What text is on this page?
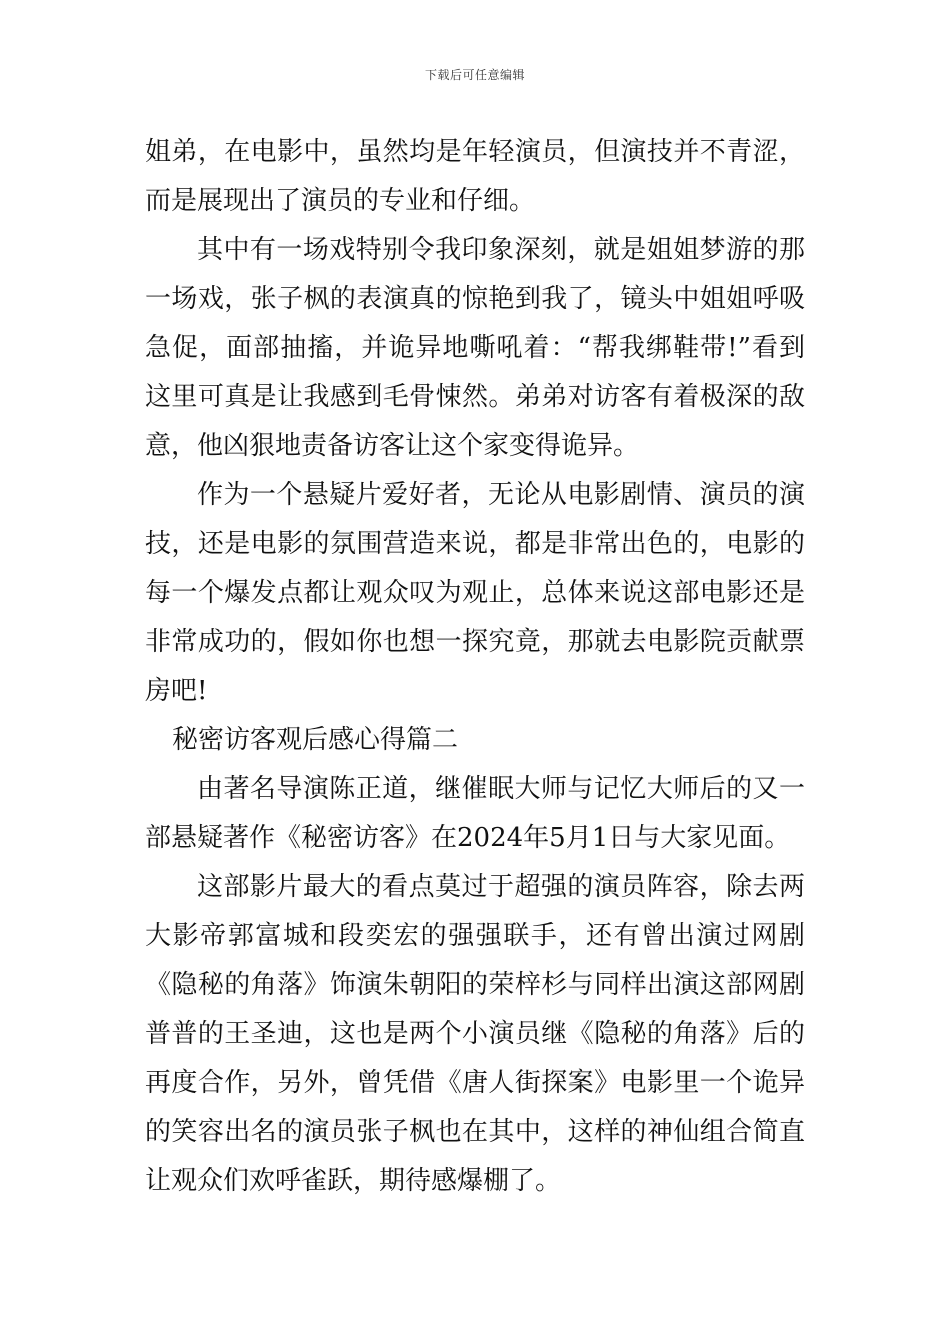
下载后可任意编辑

姐弟，在电影中，虽然均是年轻演员，但演技并不青涩，而是展现出了演员的专业和仔细。

其中有一场戏特别令我印象深刻，就是姐姐梦游的那一场戏，张子枫的表演真的惊艳到我了，镜头中姐姐呼吸急促，面部抽搐，并诡异地嘶吼着：“帮我绑鞋带!”看到这里可真是让我感到毛骨悚然。弟弟对访客有着极深的敌意，他凶狠地责备访客让这个家变得诡异。

作为一个悬疑片爱好者，无论从电影剧情、演员的演技，还是电影的氛围营造来说，都是非常出色的，电影的每一个爆发点都让观众叹为观止，总体来说这部电影还是非常成功的，假如你也想一探究竟，那就去电影院贡献票房吧!

秘密访客观后感心得篇二

由著名导演陈正道，继催眠大师与记忆大师后的又一部悬疑著作《秘密访客》在2024年5月1日与大家见面。

这部影片最大的看点莫过于超强的演员阵容，除去两大影帝郭富城和段奕宏的强强联手，还有曾出演过网剧《隐秘的角落》饰演朱朝阳的荣梓杉与同样出演这部网剧普普的王圣迪，这也是两个小演员继《隐秘的角落》后的再度合作，另外，曾凭借《唐人街探案》电影里一个诡异的笑容出名的演员张子枫也在其中，这样的神仙组合简直让观众们欢呼雀跃，期待感爆棚了。
